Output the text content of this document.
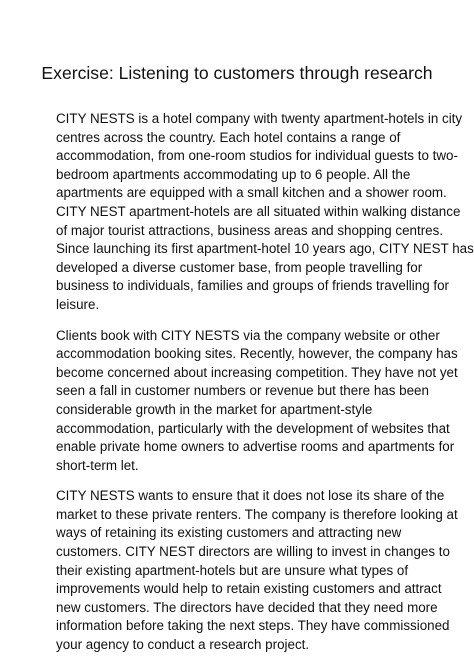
Exercise: Listening to customers through research

CITY NESTS is a hotel company with twenty apartment-hotels in city
centres across the country. Each hotel contains a range of
accommodation, from one-room studios for individual guests to two-
bedroom apartments accommodating up to 6 people. All the
apartments are equipped with a small kitchen and a shower room.
CITY NEST apartment-hotels are all situated within walking distance
of major tourist attractions, business areas and shopping centres.
Since launching its first apartment-hotel 10 years ago, CITY NEST has
developed a diverse customer base, from people travelling for
business to individuals, families and groups of friends travelling for
leisure.

Clients book with CITY NESTS via the company website or other
accommodation booking sites. Recently, however, the company has
become concerned about increasing competition. They have not yet
seen a fall in customer numbers or revenue but there has been
considerable growth in the market for apartment-style
accommodation, particularly with the development of websites that
enable private home owners to advertise rooms and apartments for
short-term let.

CITY NESTS wants to ensure that it does not lose its share of the
market to these private renters. The company is therefore looking at
ways of retaining its existing customers and attracting new
customers. CITY NEST directors are willing to invest in changes to
their existing apartment-hotels but are unsure what types of
improvements would help to retain existing customers and attract
new customers. The directors have decided that they need more
information before taking the next steps. They have commissioned
your agency to conduct a research project.
